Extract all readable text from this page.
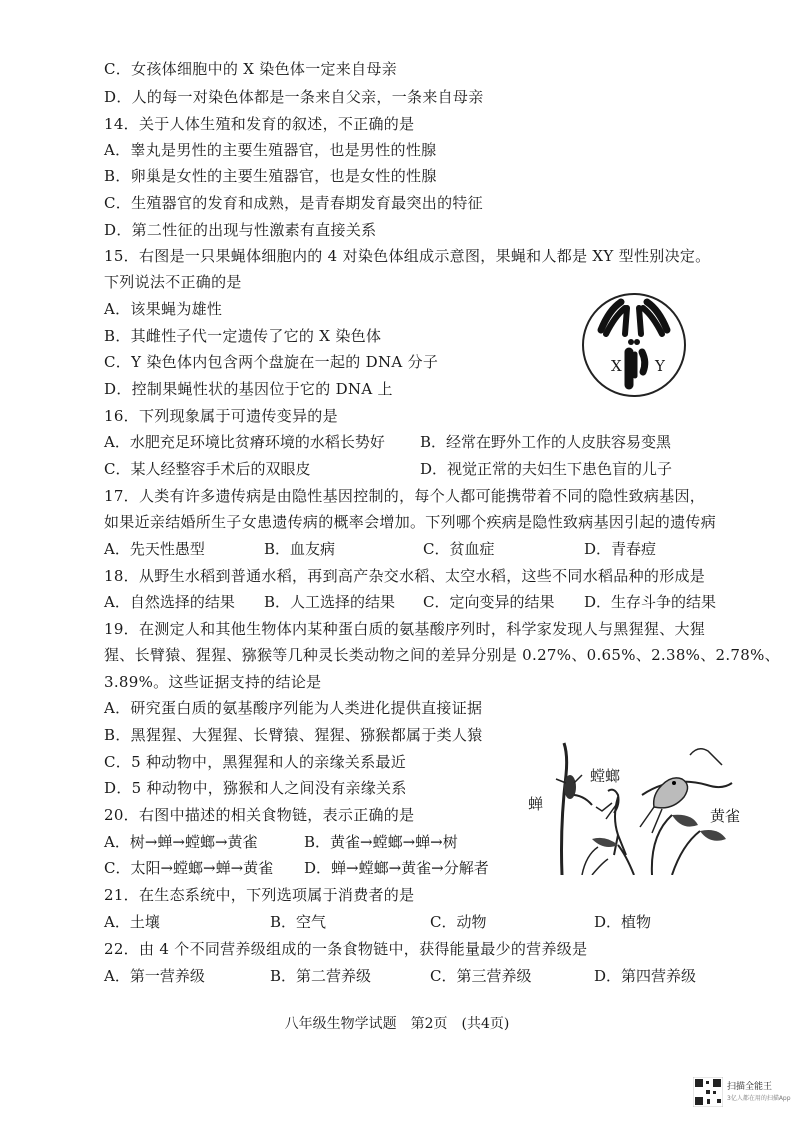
C．女孩体细胞中的 X 染色体一定来自母亲
D．人的每一对染色体都是一条来自父亲，一条来自母亲
14．关于人体生殖和发育的叙述，不正确的是
A．睾丸是男性的主要生殖器官，也是男性的性腺
B．卵巢是女性的主要生殖器官，也是女性的性腺
C．生殖器官的发育和成熟，是青春期发育最突出的特征
D．第二性征的出现与性激素有直接关系
15．右图是一只果蝇体细胞内的 4 对染色体组成示意图，果蝇和人都是 XY 型性别决定。
下列说法不正确的是
A．该果蝇为雄性
B．其雌性子代一定遗传了它的 X 染色体
C．Y 染色体内包含两个盘旋在一起的 DNA 分子
D．控制果蝇性状的基因位于它的 DNA 上
X Y
16．下列现象属于可遗传变异的是
A．水肥充足环境比贫瘠环境的水稻长势好 B．经常在野外工作的人皮肤容易变黑
C．某人经整容手术后的双眼皮	D．视觉正常的夫妇生下患色盲的儿子
17．人类有许多遗传病是由隐性基因控制的，每个人都可能携带着不同的隐性致病基因，
如果近亲结婚所生子女患遗传病的概率会增加。下列哪个疾病是隐性致病基因引起的遗传病
A．先天性愚型	B．血友病	C．贫血症	D．青春痘
18．从野生水稻到普通水稻，再到高产杂交水稻、太空水稻，这些不同水稻品种的形成是
A．自然选择的结果 B．人工选择的结果 C．定向变异的结果 D．生存斗争的结果
19．在测定人和其他生物体内某种蛋白质的氨基酸序列时，科学家发现人与黑猩猩、大猩
猩、长臂猿、猩猩、猕猴等几种灵长类动物之间的差异分别是 0.27%、0.65%、2.38%、2.78%、
3.89%。这些证据支持的结论是
A．研究蛋白质的氨基酸序列能为人类进化提供直接证据
B．黑猩猩、大猩猩、长臂猿、猩猩、猕猴都属于类人猿
C．5 种动物中，黑猩猩和人的亲缘关系最近
D．5 种动物中，猕猴和人之间没有亲缘关系
20．右图中描述的相关食物链，表示正确的是
A．树→蝉→螳螂→黄雀	B．黄雀→螳螂→蝉→树
C．太阳→螳螂→蝉→黄雀 D．蝉→螳螂→黄雀→分解者
蝉
螳螂
黄雀
21．在生态系统中，下列选项属于消费者的是
A．土壤	B．空气	C．动物	D．植物
22．由 4 个不同营养级组成的一条食物链中，获得能量最少的营养级是
A．第一营养级	B．第二营养级	C．第三营养级	D．第四营养级
八年级生物学试题　第2页　(共4页)
扫描全能王
3亿人都在用的扫描App
